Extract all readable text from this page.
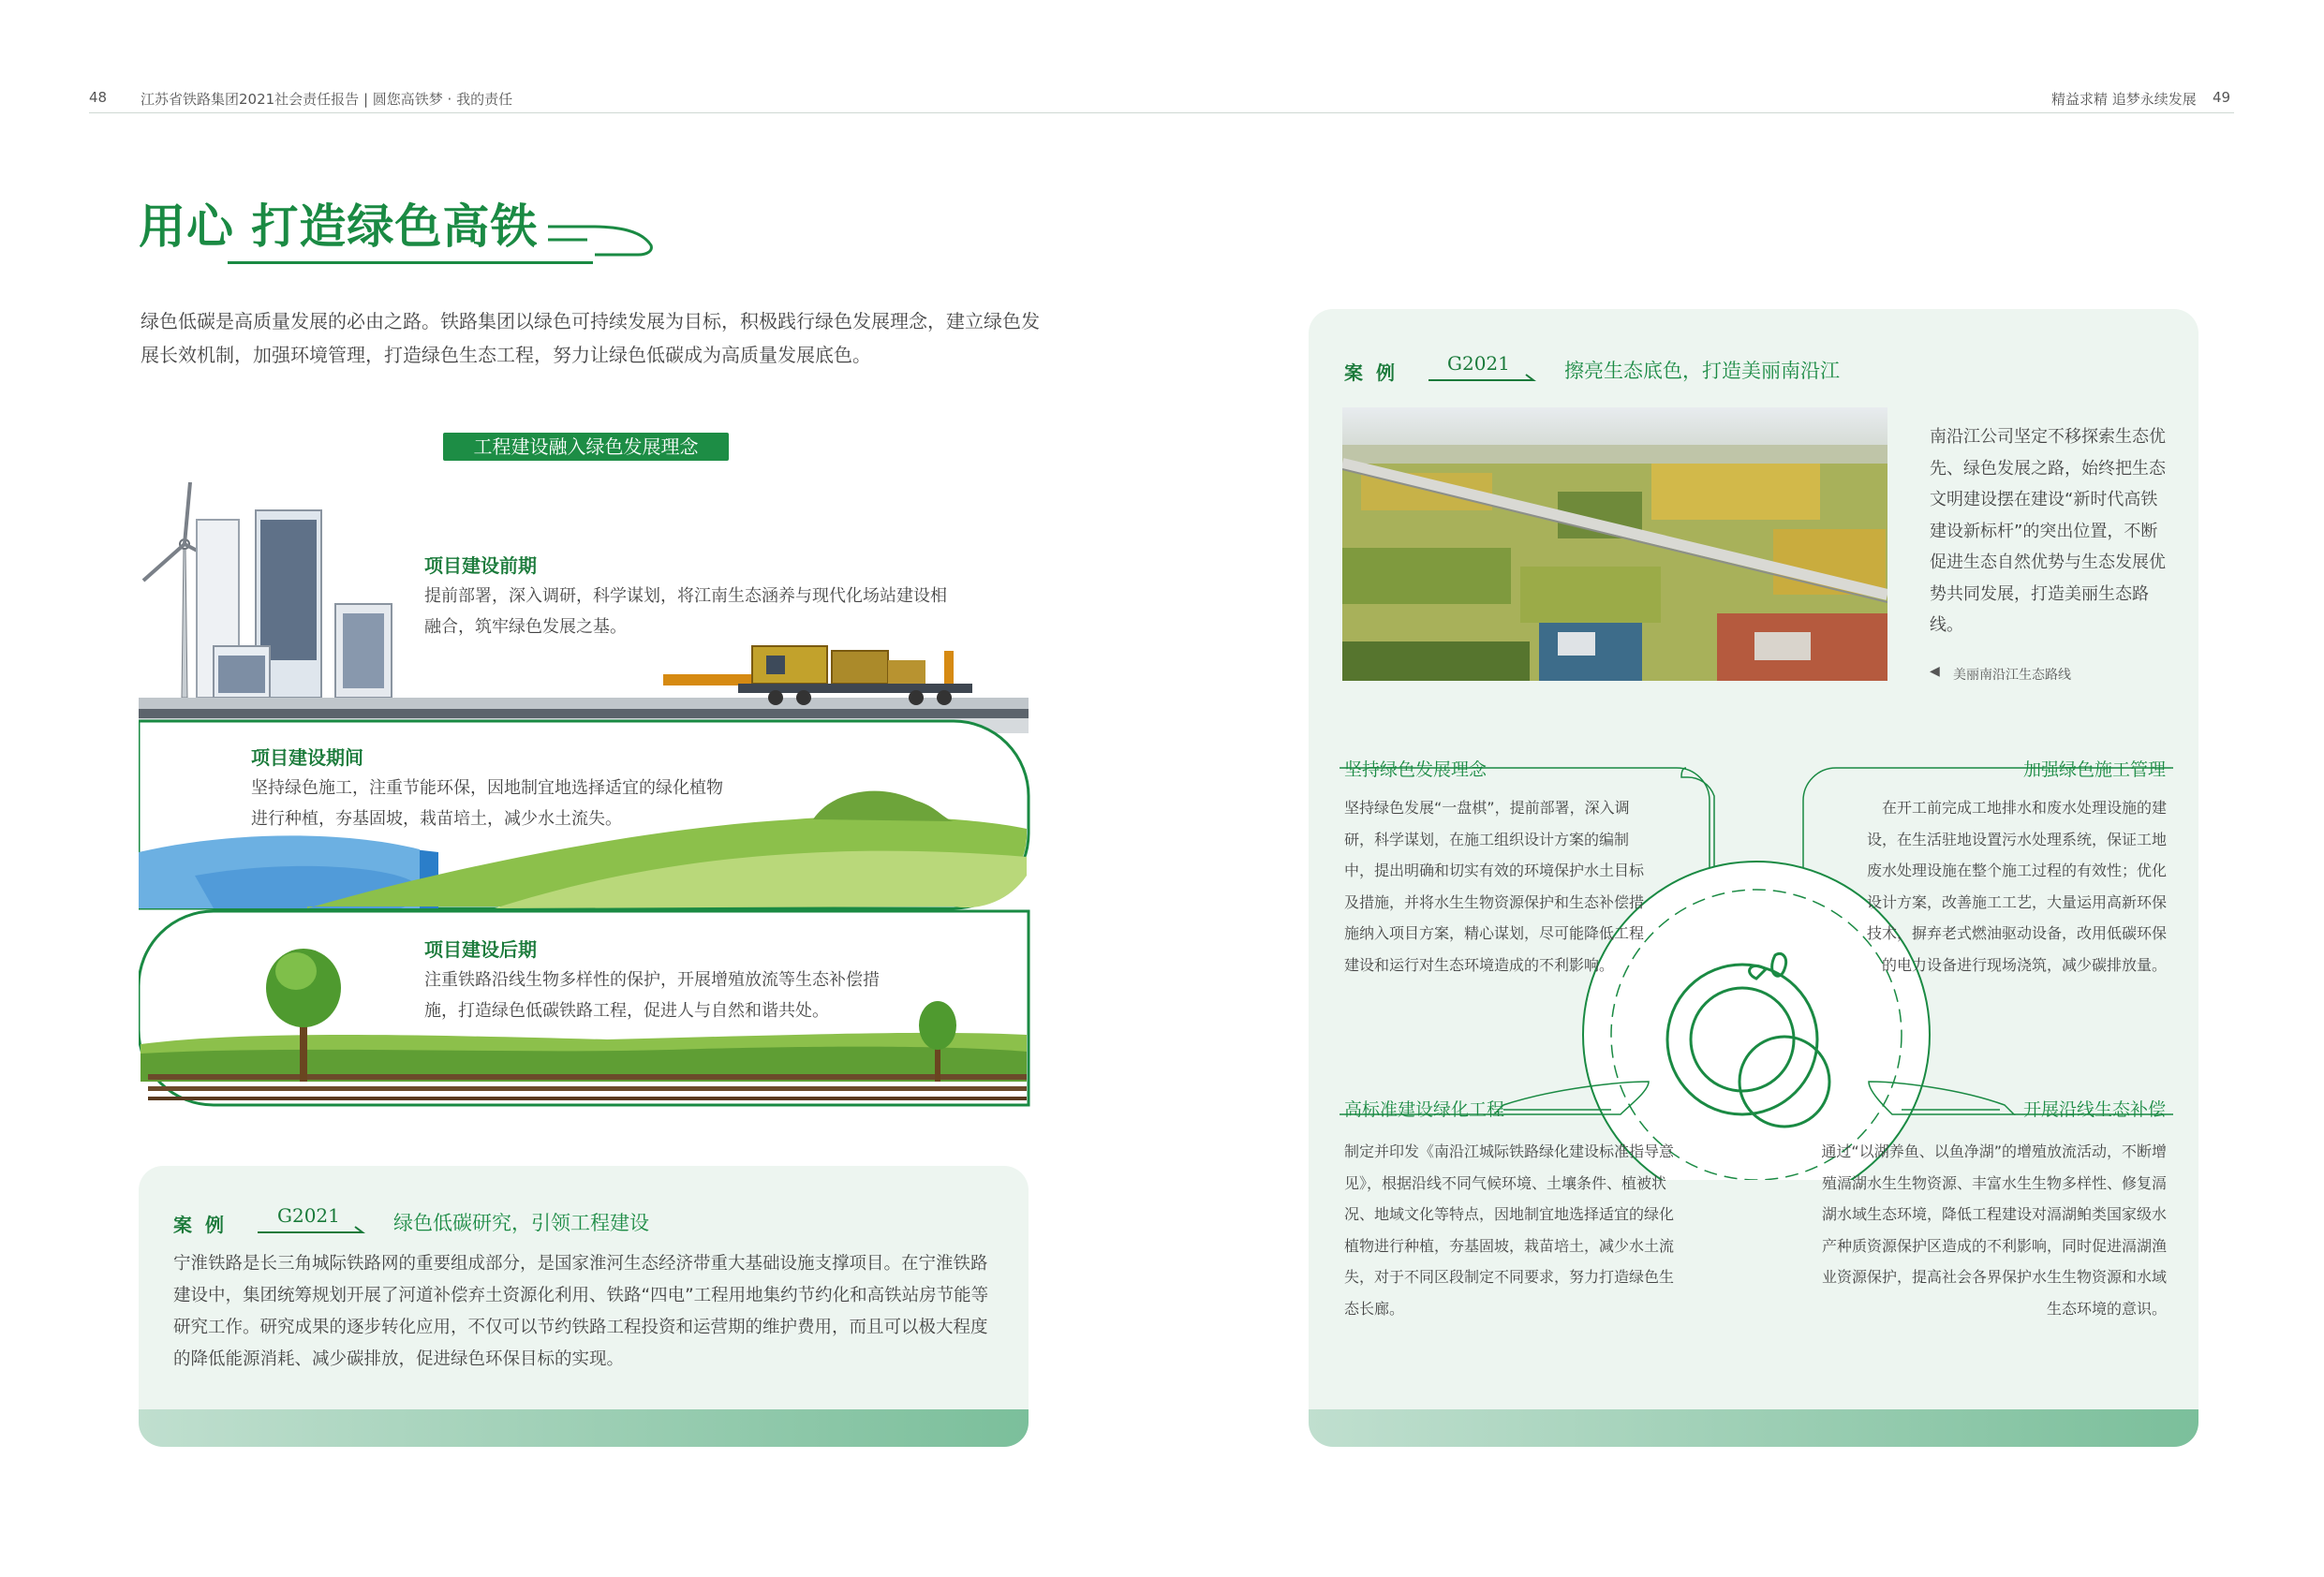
48 江苏省铁路集团2021社会责任报告 | 圆您高铁梦 · 我的责任	精益求精 追梦永续发展 49
用心 打造绿色高铁
绿色低碳是高质量发展的必由之路。铁路集团以绿色可持续发展为目标，积极践行绿色发展理念，建立绿色发展长效机制，加强环境管理，打造绿色生态工程，努力让绿色低碳成为高质量发展底色。
工程建设融入绿色发展理念
项目建设前期
提前部署，深入调研，科学谋划，将江南生态涵养与现代化场站建设相融合，筑牢绿色发展之基。
项目建设期间
坚持绿色施工，注重节能环保，因地制宜地选择适宜的绿化植物进行种植，夯基固坡，栽苗培土，减少水土流失。
项目建设后期
注重铁路沿线生物多样性的保护，开展增殖放流等生态补偿措施，打造绿色低碳铁路工程，促进人与自然和谐共处。
案例 G2021	绿色低碳研究，引领工程建设
宁淮铁路是长三角城际铁路网的重要组成部分，是国家淮河生态经济带重大基础设施支撑项目。在宁淮铁路建设中，集团统筹规划开展了河道补偿弃土资源化利用、铁路“四电”工程用地集约节约化和高铁站房节能等研究工作。研究成果的逐步转化应用，不仅可以节约铁路工程投资和运营期的维护费用，而且可以极大程度的降低能源消耗、减少碳排放，促进绿色环保目标的实现。
案例 G2021	擦亮生态底色，打造美丽南沿江
南沿江公司坚定不移探索生态优先、绿色发展之路，始终把生态文明建设摆在建设“新时代高铁建设新标杆”的突出位置，不断促进生态自然优势与生态发展优势共同发展，打造美丽生态路线。
◀ 美丽南沿江生态路线
坚持绿色发展理念
坚持绿色发展“一盘棋”，提前部署，深入调研，科学谋划，在施工组织设计方案的编制中，提出明确和切实有效的环境保护水土目标及措施，并将水生生物资源保护和生态补偿措施纳入项目方案，精心谋划，尽可能降低工程建设和运行对生态环境造成的不利影响。
加强绿色施工管理
在开工前完成工地排水和废水处理设施的建设，在生活驻地设置污水处理系统，保证工地废水处理设施在整个施工过程的有效性；优化设计方案，改善施工工艺，大量运用高新环保技术，摒弃老式燃油驱动设备，改用低碳环保的电力设备进行现场浇筑，减少碳排放量。
高标准建设绿化工程
制定并印发《南沿江城际铁路绿化建设标准指导意见》，根据沿线不同气候环境、土壤条件、植被状况、地域文化等特点，因地制宜地选择适宜的绿化植物进行种植，夯基固坡，栽苗培土，减少水土流失，对于不同区段制定不同要求，努力打造绿色生态长廊。
开展沿线生态补偿
通过“以湖养鱼、以鱼净湖”的增殖放流活动，不断增殖滆湖水生生物资源、丰富水生生物多样性、修复滆湖水域生态环境，降低工程建设对滆湖鲌类国家级水产种质资源保护区造成的不利影响，同时促进滆湖渔业资源保护，提高社会各界保护水生生物资源和水域生态环境的意识。
